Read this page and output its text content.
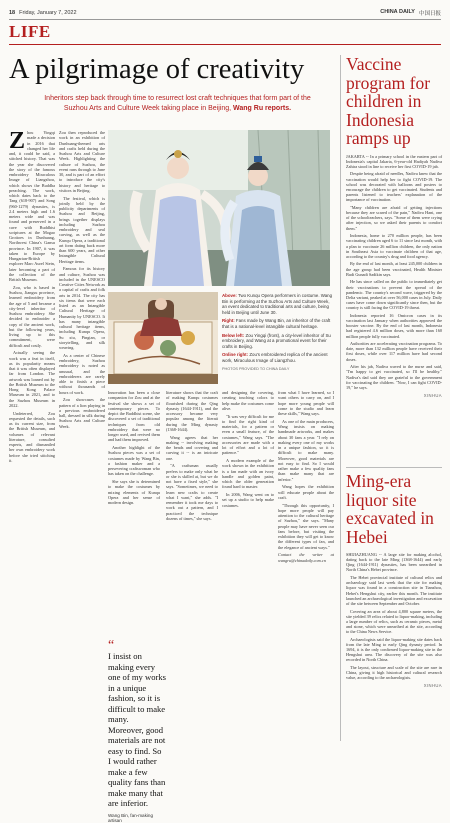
18 Friday, January 7, 2022	CHINA DAILY 中国日报
LIFE
A pilgrimage of creativity
Inheritors step back through time to resurrect lost craft techniques that form part of the Suzhou Arts and Culture Week taking place in Beijing, Wang Ru reports.

Zhou Yingqi made a decision in 2016 that changed her life and, it could be said, a stitched history. That was the year she discovered the story of the famous embroidery Miraculous Image of Liangzhou, which shows the Buddha preaching. The work, which dates back to the Tang (618-907) and Song (960-1279) dynasties, is 2.4 meters high and 1.6 meters wide and was found and preserved in a cave with Buddhist scriptures at the Mogao Grottoes in Dunhuang, Northwest China's Gansu province. In 1907, it was taken to Europe by Hungarian-British explorer Marc Aurel Stein, later becoming a part of the collection of the British Museum.

Zou, who is based in Suzhou, Jiangsu province, learned embroidery from the age of 5 and became a city-level inheritor of Suzhou embroidery. She decided to embroider a copy of the ancient work, but the following years, living up to this commitment, were difficult and costly.

Actually seeing the work was a feat in itself, as its popularity means that it was often displayed far from London. The artwork was loaned out by the British Museum to the Hong Kong Palace Museum in 2021, and to the Suzhou Museum in 2022.

Undeterred, Zou requested the details, such as its current size, from the British Museum, and volumes of relevant literature, consulted experts, and dismantled her own embroidery work before she tried stitching it.

Zou then reproduced the work in an exhibition of Dunhuang-themed arts and crafts held during the Suzhou Arts and Culture Week. Highlighting the culture of Suzhou, the event runs through to June 30, and is part of an effort to introduce the city's history and heritage to visitors in Beijing.

The festival, which is jointly held by the publicity departments of Suzhou and Beijing, brings together displays including Suzhou embroidery and seal carving, as well as the Kunqu Opera, a traditional art form dating back more than 600 years, and other Intangible Cultural Heritage items.

Famous for its history and culture, Suzhou was included in the UNESCO Creative Cities Network as a capital of crafts and folk arts in 2014. The city has six items that were each listed as an Intangible Cultural Heritage of Humanity by UNESCO. It has many intangible cultural heritage items, including Kunqu Opera, Su xiu, Pingtan, or storytelling, and silk weaving.

As a center of Chinese embroidery, Suzhou embroidery is noted as unusual, and the embroiderers are rarely able to finish a piece without thousands of hours of work.

Zou showcases the pattern of a lion playing in a previous embroidered hall, dressed in silk during Suzhou Arts and Culture Week.

Above: Two Kunqu Opera performers in costume. Wang Bin is performing at the Suzhou Arts and Culture Week, an event dedicated to traditional arts and culture, being held in Beijing until June 30.

Right: Fans made by Wang Bin, an inheritor of the craft that is a national-level intangible cultural heritage.

Below left: Zou Yingqi (front), a city-level inheritor of Su embroidery, and Wang at a promotional event for their crafts in Beijing.

Online right: Zou's embroidered replica of the ancient work, Miraculous Image of Liangzhou.

PHOTOS PROVIDED TO CHINA DAILY

Innovation has been a close companion for Zou and at the festival she shows a set of contemporary pieces. To depict the Buddhist scene, she discovered a set of traditional techniques from old embroidery that were no longer used, and revived them and had them improved.

Another highlight of the Suzhou pieces was a set of costumes made by Wang Bin, a fashion maker and a persevering craftswoman who has taken on the challenge.

She says she is determined to make the costumes by mixing elements of Kunqu Opera and her sense of modern design.

“
I insist on making every one of my works in a unique fashion, so it is difficult to make many. Moreover, good materials are not easy to find. So I would rather make a few quality fans than make many that are inferior.
Wang Bin, fan-making artisan

literature shows that the craft of making Kunqu costumes flourished during the Qing dynasty (1644-1911), and the accessory became very popular among the literati during the Ming dynasty (1368-1644).

Wang agrees that her making -- involving making the beads and covering and carving it -- is an intricate one.

"A craftsman usually prefers to make only what he or she is skilled at, but we do not have a fixed style," she says. "Sometimes, we need to learn new crafts to create what I want," she adds. "I remember it took me days to work out a pattern, and I practiced the technique dozens of times," she says.

and designing the covering, creating touching colors to help make the costumes come alive.

"It was very difficult for me to find the right kind of materials, for a pattern or even a small feature, of the costumes," Wang says. "The accessories are made with a lot of effort and a lot of patience."

A modern example of the work shown in the exhibition is a fan made with an ivory handle and golden paint, which the older generation found hard to master.

In 2006, Wang went on to set up a studio to help make costumes.

from what I have learned, so I want others to carry on, and I hope more young people will come to the studio and learn these skills," Wang says.

As one of the main producers, Wang insists on making handmade artworks, and makes about 30 fans a year. "I rely on making every one of my works in a unique fashion, so it is difficult to make many. Moreover, good materials are not easy to find. So I would rather make a few quality fans than make many that are inferior."

Wang hopes the exhibition will educate people about the craft.

"Through this opportunity, I hope more people will pay attention to the cultural heritage of Suzhou," she says. "Many people may have never seen our fans before, but visiting the exhibition they will get to know the different types of fan, and the elegance of ancient ways."

Contact the writer at wangru@chinadaily.com.cn

Vaccine program for children in Indonesia ramps up

JAKARTA -- In a primary school in the eastern part of Indonesia's capital Jakarta, 6-year-old Hadiyah Nadiva Zahira stood in line to receive her first COVID-19 jab.

Despite being afraid of needles, Nadiva knew that the vaccination would help her to fight COVID-19. The school was decorated with balloons and posters to encourage the children to get vaccinated. Students and parents listened to teachers' explanation of the importance of vaccination.

"Many children are afraid of getting injections because they are scared of the pain," Nadiva Hani, one of the schoolteachers, says. "Some of them were crying after injection, so we asked their parents to comfort them."

Indonesia, home to 270 million people, has been vaccinating children aged 6 to 11 since last month, with a plan to vaccinate 26 million children, the only nation in Southeast Asia to vaccinate children of that age, according to the country's drug and food agency.

By the end of last month, at least 245,000 children in the age group had been vaccinated, Health Minister Budi Gunadi Sadikin says.

He has since called on the public to immediately get their vaccinations to prevent the spread of the pandemic. The country's second wave, triggered by the Delta variant, peaked at over 56,000 cases in July. Daily cases have come down significantly since then, but the country is still facing the COVID-19 threat.

Indonesia reported 16 Omicron cases in its vaccination last January when authorities approved the booster vaccine. By the end of last month, Indonesia had registered 4.6 million doses, with more than 160 million people fully vaccinated.

Authorities are accelerating vaccination programs. To date, more than 132 million people have received their first doses, while over 117 million have had second doses.

After his jab, Nadiva waved to the nurse and said, "I'm happy to get vaccinated, so I'll be healthy." Nadiva's dad said they are grateful to the government for vaccinating the children. "Now, I can fight COVID-19," he says.

XINHUA
Ming-era liquor site excavated in Hebei

SHIJIAZHUANG -- A large site for making alcohol, dating back to the late Ming (1368-1644) and early Qing (1644-1911) dynasties, has been unearthed in North China's Hebei province.

The Hebei provincial institute of cultural relics and archaeology said last week that the site for making liquor was found in a construction site in Tianzhou, Hebei's Hengshui city, earlier this month. The institute launched an archaeological investigation and excavation of the site between September and October.

Covering an area of about 4,800 square meters, the site yielded 39 relics related to liquor-making, including a large number of relics, such as ceramic pieces, metal and stone, which were unearthed at the site, according to the China News Service.

Archaeologists said the liquor-making site dates back from the late Ming to early Qing dynasty period. In 1694, it is the only confirmed liquor-making site in the Hengshui area. The discovery of the site was also recorded in North China.

The layout, structure and scale of the site are rare in China, giving it high historical and cultural research value, according to the archaeologists.

XINHUA
